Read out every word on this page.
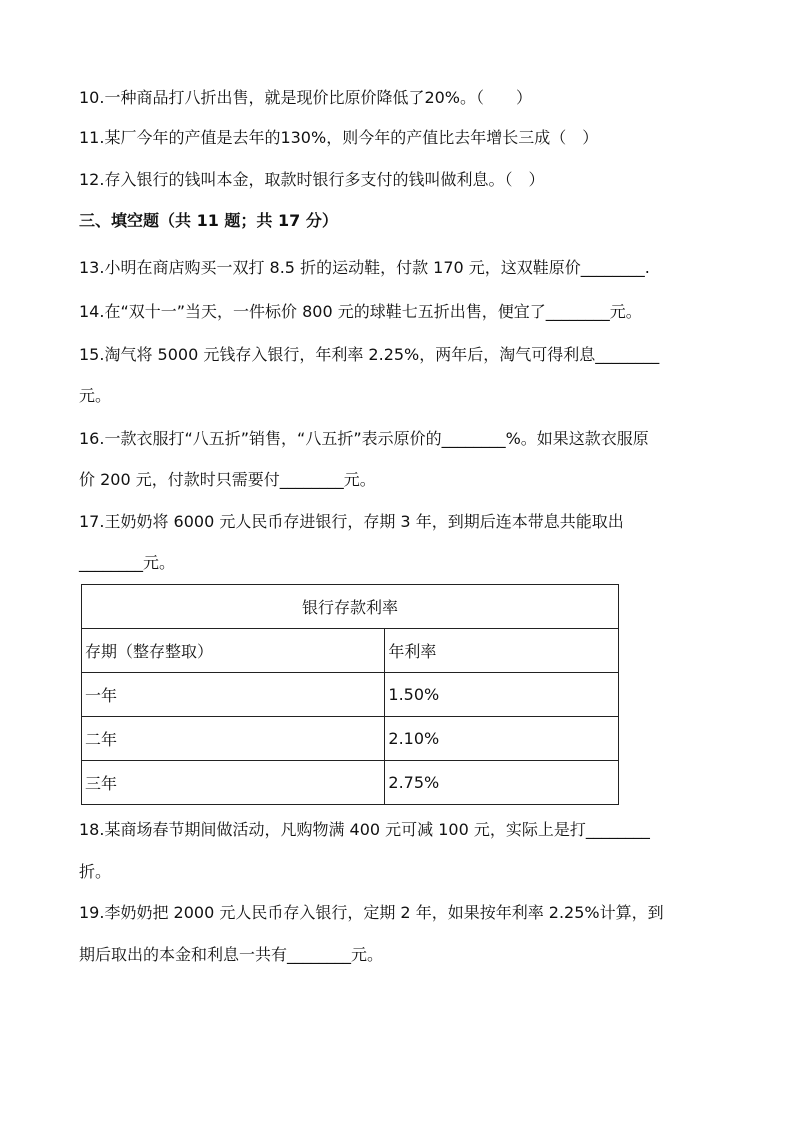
10.一种商品打八折出售，就是现价比原价降低了20%。（　　）
11.某厂今年的产值是去年的130%，则今年的产值比去年增长三成（　）
12.存入银行的钱叫本金，取款时银行多支付的钱叫做利息。（　）
三、填空题（共 11 题；共 17 分）
13.小明在商店购买一双打 8.5 折的运动鞋，付款 170 元，这双鞋原价________.
14.在“双十一”当天，一件标价 800 元的球鞋七五折出售，便宜了________元。
15.淘气将 5000 元钱存入银行，年利率 2.25%，两年后，淘气可得利息________
元。
16.一款衣服打“八五折”销售，“八五折”表示原价的________%。如果这款衣服原
价 200 元，付款时只需要付________元。
17.王奶奶将 6000 元人民币存进银行，存期 3 年，到期后连本带息共能取出
________元。
银行存款利率	
存期（整存整取）	年利率
一年	1.50%
二年	2.10%
三年	2.75%
18.某商场春节期间做活动，凡购物满 400 元可减 100 元，实际上是打________
折。
19.李奶奶把 2000 元人民币存入银行，定期 2 年，如果按年利率 2.25%计算，到
期后取出的本金和利息一共有________元。
